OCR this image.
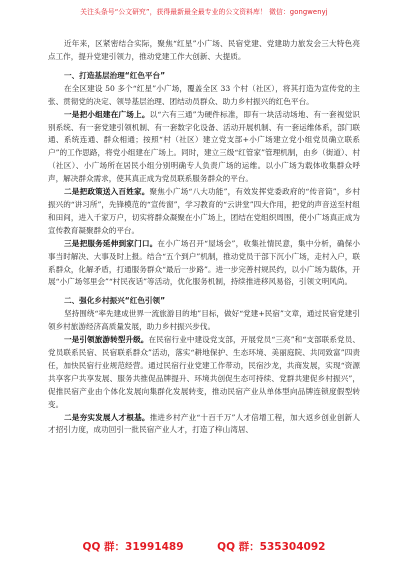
关注头条号“公文研究”，获得最新最全最专业的公文资料库！ 微信：gongwenyj

近年来，区紧密结合实际，聚焦“红星”小广场、民宿党建、党建助力旅发会三大特色亮点工作，提升党建引领力，推动党建工作大创新、大提质。

一、打造基层治理“红色平台”

在全区建设 50 多个“红星”小广场，覆盖全区 33 个村（社区），将其打造为宣传党的主张、贯彻党的决定、领导基层治理、团结动员群众、助力乡村振兴的红色平台。

一是把小组建在广场上。以“六有三通”为硬件标准，即有一块活动场地、有一套视觉识别系统、有一套党建引领机制、有一套数字化设备、活动开展机制、有一套运维体系，部门联通、系统连通、群众相通；按照“村（社区）建立党支部+小广场建立党小组党员确立联系户”的工作思路，将党小组建在广场上。同时，建立三级“红管家”管理机制，由乡（街道）、村（社区）、小广场所在居民小组分别明确专人负责广场的运维。以小广场为载体收集群众呼声，解决群众需求，使其真正成为党员联系服务群众的平台。

二是把政策送入百姓家。聚焦小广场“八大功能”，有效发挥党委政府的“传音筒”，乡村振兴的“讲习所”，先锋模范的“宣传窗”，学习教育的“云讲堂”四大作用，把党的声音送至村组和田间，进入千家万户，切实将群众凝聚在小广场上，团结在党组织周围，使小广场真正成为宣传教育凝聚群众的平台。

三是把服务延伸到家门口。在小广场召开“屋场会”，收集社情民意，集中分析，确保小事当时解决、大事及时上报。结合“五个到户”机制，推动党员干部下沉小广场，走村入户，联系群众，化解矛盾，打通服务群众“最后一步路”。进一步完善村规民约，以小广场为载体，开展“小广场邻里会”“村民夜话”等活动，优化服务机制，持续推进移风易俗，引领文明风尚。

二、强化乡村振兴“红色引领”

坚持围绕“率先建成世界一流旅游目的地”目标，做好“党建+民宿”文章，通过民宿党建引领乡村旅游经济高质量发展，助力乡村振兴步伐。

一是引领旅游转型升级。在民宿行业中建设党支部，开展党员“三亮”和“支部联系党员、党员联系民宿、民宿联系群众”活动，落实“耕地保护、生态环境、美丽庭院、共同致富”四责任，加快民宿行业规范经营。通过民宿行业党建工作带动，民宿沙龙，共商发展，实现“资源共享客户共享发展、服务共推促品牌提升、环境共创促生态可持续、党群共建促乡村振兴”，促推民宿产业由个体化发展向集群化发展转变，推动民宿产业从单体型向品牌连锁度假型转变。

二是夯实发展人才根基。推进乡村产业“十百千万”人才倍增工程，加大返乡创业创新人才招引力度，成功回引一批民宿产业人才，打造了梓山湾居、

QQ 群：31991489	QQ 群：535304092
